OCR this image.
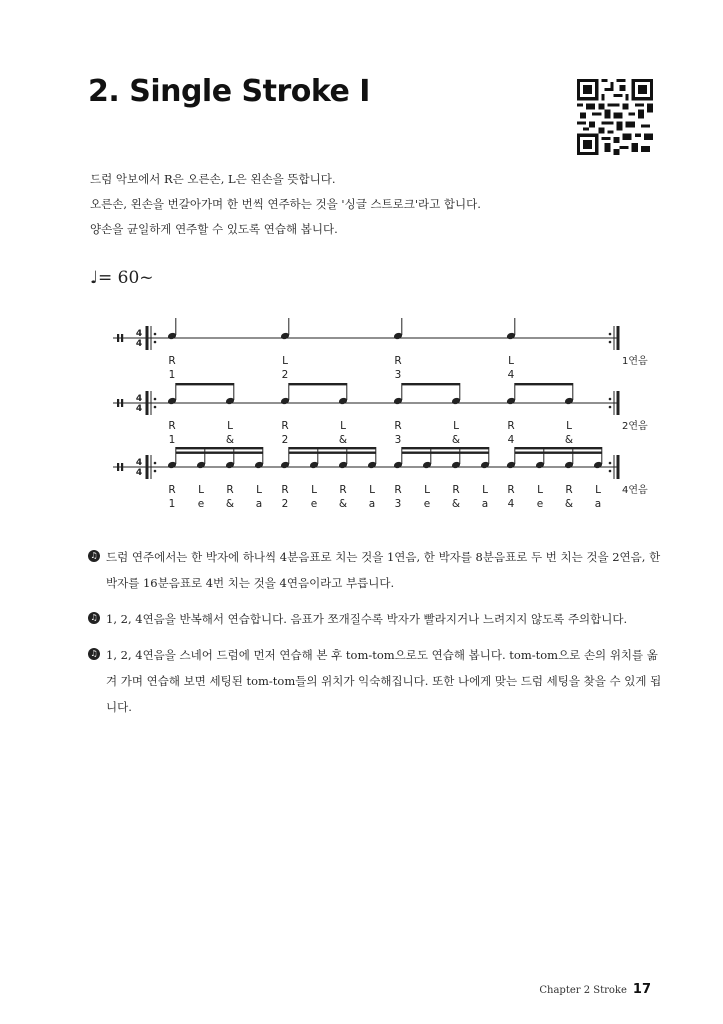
2. Single Stroke Ⅰ

드럼 악보에서 R은 오른손, L은 왼손을 뜻합니다.

오른손, 왼손을 번갈아가며 한 번씩 연주하는 것을 '싱글 스트로크'라고 합니다.

양손을 균일하게 연주할 수 있도록 연습해 봅니다.

♩= 60~
4
4
R
1
L
2
R
3
L
4
1연음
4
4
R
1
L
&
R
2
L
&
R
3
L
&
R
4
L
&
2연음
4
4
R
1
L
e
R
&
L
a
R
2
L
e
R
&
L
a
R
3
L
e
R
&
L
a
R
4
L
e
R
&
L
a
4연음
♫ 드럼 연주에서는 한 박자에 하나씩 4분음표로 치는 것을 1연음, 한 박자를 8분음표로 두 번 치는 것을 2연음, 한 박자를 16분음표로 4번 치는 것을 4연음이라고 부릅니다.
♫ 1, 2, 4연음을 반복해서 연습합니다. 음표가 쪼개질수록 박자가 빨라지거나 느려지지 않도록 주의합니다.
♫ 1, 2, 4연음을 스네어 드럼에 먼저 연습해 본 후 tom-tom으로도 연습해 봅니다. tom-tom으로 손의 위치를 옮겨 가며 연습해 보면 세팅된 tom-tom들의 위치가 익숙해집니다. 또한 나에게 맞는 드럼 세팅을 찾을 수 있게 됩니다.
Chapter 2 Stroke 17
